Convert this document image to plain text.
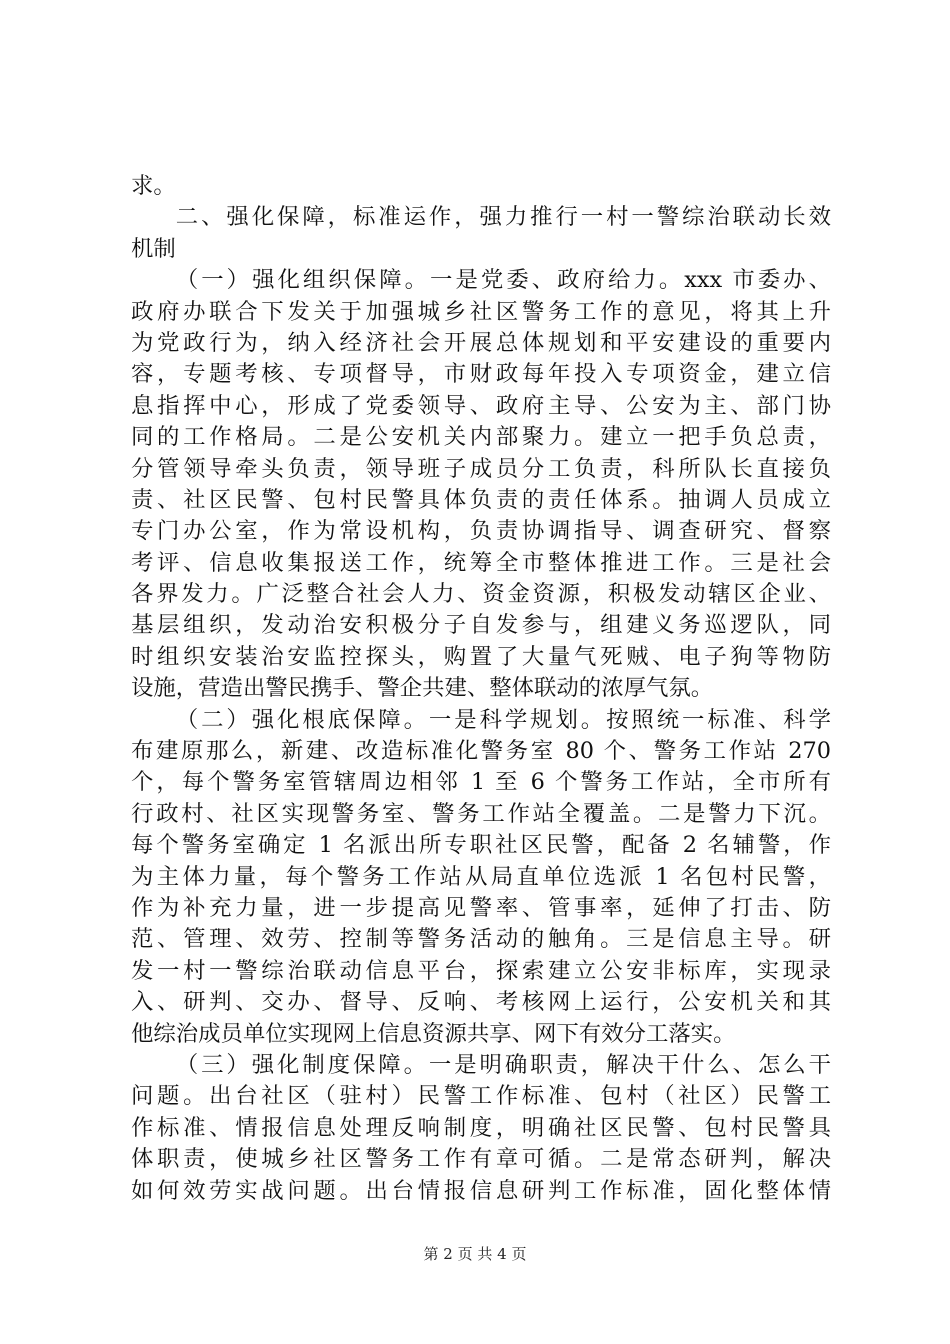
求。
二、强化保障，标准运作，强力推行一村一警综治联动长效
机制
（一）强化组织保障。一是党委、政府给力。xxx 市委办、
政府办联合下发关于加强城乡社区警务工作的意见，将其上升
为党政行为，纳入经济社会开展总体规划和平安建设的重要内
容，专题考核、专项督导，市财政每年投入专项资金，建立信
息指挥中心，形成了党委领导、政府主导、公安为主、部门协
同的工作格局。二是公安机关内部聚力。建立一把手负总责，
分管领导牵头负责，领导班子成员分工负责，科所队长直接负
责、社区民警、包村民警具体负责的责任体系。抽调人员成立
专门办公室，作为常设机构，负责协调指导、调查研究、督察
考评、信息收集报送工作，统筹全市整体推进工作。三是社会
各界发力。广泛整合社会人力、资金资源，积极发动辖区企业、
基层组织，发动治安积极分子自发参与，组建义务巡逻队，同
时组织安装治安监控探头，购置了大量气死贼、电子狗等物防
设施，营造出警民携手、警企共建、整体联动的浓厚气氛。
（二）强化根底保障。一是科学规划。按照统一标准、科学
布建原那么，新建、改造标准化警务室 80 个、警务工作站 270
个，每个警务室管辖周边相邻 1 至 6 个警务工作站，全市所有
行政村、社区实现警务室、警务工作站全覆盖。二是警力下沉。
每个警务室确定 1 名派出所专职社区民警，配备 2 名辅警，作
为主体力量，每个警务工作站从局直单位选派 1 名包村民警，
作为补充力量，进一步提高见警率、管事率，延伸了打击、防
范、管理、效劳、控制等警务活动的触角。三是信息主导。研
发一村一警综治联动信息平台，探索建立公安非标库，实现录
入、研判、交办、督导、反响、考核网上运行，公安机关和其
他综治成员单位实现网上信息资源共享、网下有效分工落实。
（三）强化制度保障。一是明确职责，解决干什么、怎么干
问题。出台社区（驻村）民警工作标准、包村（社区）民警工
作标准、情报信息处理反响制度，明确社区民警、包村民警具
体职责，使城乡社区警务工作有章可循。二是常态研判，解决
如何效劳实战问题。出台情报信息研判工作标准，固化整体情
第 2 页 共 4 页
